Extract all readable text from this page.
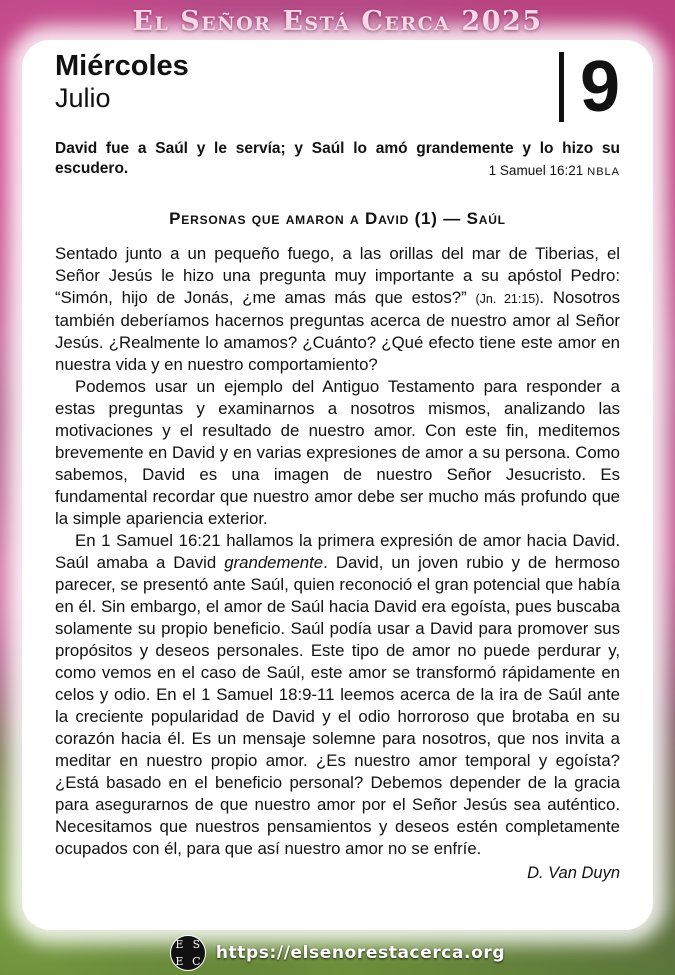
El Señor Está Cerca 2025
Miércoles
Julio	9
David fue a Saúl y le servía; y Saúl lo amó grandemente y lo hizo su escudero.	1 Samuel 16:21 NBLA
Personas que amaron a David (1) — Saúl

Sentado junto a un pequeño fuego, a las orillas del mar de Tiberias, el Señor Jesús le hizo una pregunta muy importante a su apóstol Pedro: “Simón, hijo de Jonás, ¿me amas más que estos?” (Jn. 21:15). Nosotros también deberíamos hacernos preguntas acerca de nuestro amor al Señor Jesús. ¿Realmente lo amamos? ¿Cuánto? ¿Qué efecto tiene este amor en nuestra vida y en nuestro comportamiento?

Podemos usar un ejemplo del Antiguo Testamento para responder a estas preguntas y examinarnos a nosotros mismos, analizando las motivaciones y el resultado de nuestro amor. Con este fin, meditemos brevemente en David y en varias expresiones de amor a su persona. Como sabemos, David es una imagen de nuestro Señor Jesucristo. Es fundamental recordar que nuestro amor debe ser mucho más profundo que la simple apariencia exterior.

En 1 Samuel 16:21 hallamos la primera expresión de amor hacia David. Saúl amaba a David grandemente. David, un joven rubio y de hermoso parecer, se presentó ante Saúl, quien reconoció el gran potencial que había en él. Sin embargo, el amor de Saúl hacia David era egoísta, pues buscaba solamente su propio beneficio. Saúl podía usar a David para promover sus propósitos y deseos personales. Este tipo de amor no puede perdurar y, como vemos en el caso de Saúl, este amor se transformó rápidamente en celos y odio. En el 1 Samuel 18:9-11 leemos acerca de la ira de Saúl ante la creciente popularidad de David y el odio horroroso que brotaba en su corazón hacia él. Es un mensaje solemne para nosotros, que nos invita a meditar en nuestro propio amor. ¿Es nuestro amor temporal y egoísta? ¿Está basado en el beneficio personal? Debemos depender de la gracia para asegurarnos de que nuestro amor por el Señor Jesús sea auténtico. Necesitamos que nuestros pensamientos y deseos estén completamente ocupados con él, para que así nuestro amor no se enfríe.

D. Van Duyn
E S
E C https://elsenorestacerca.org
